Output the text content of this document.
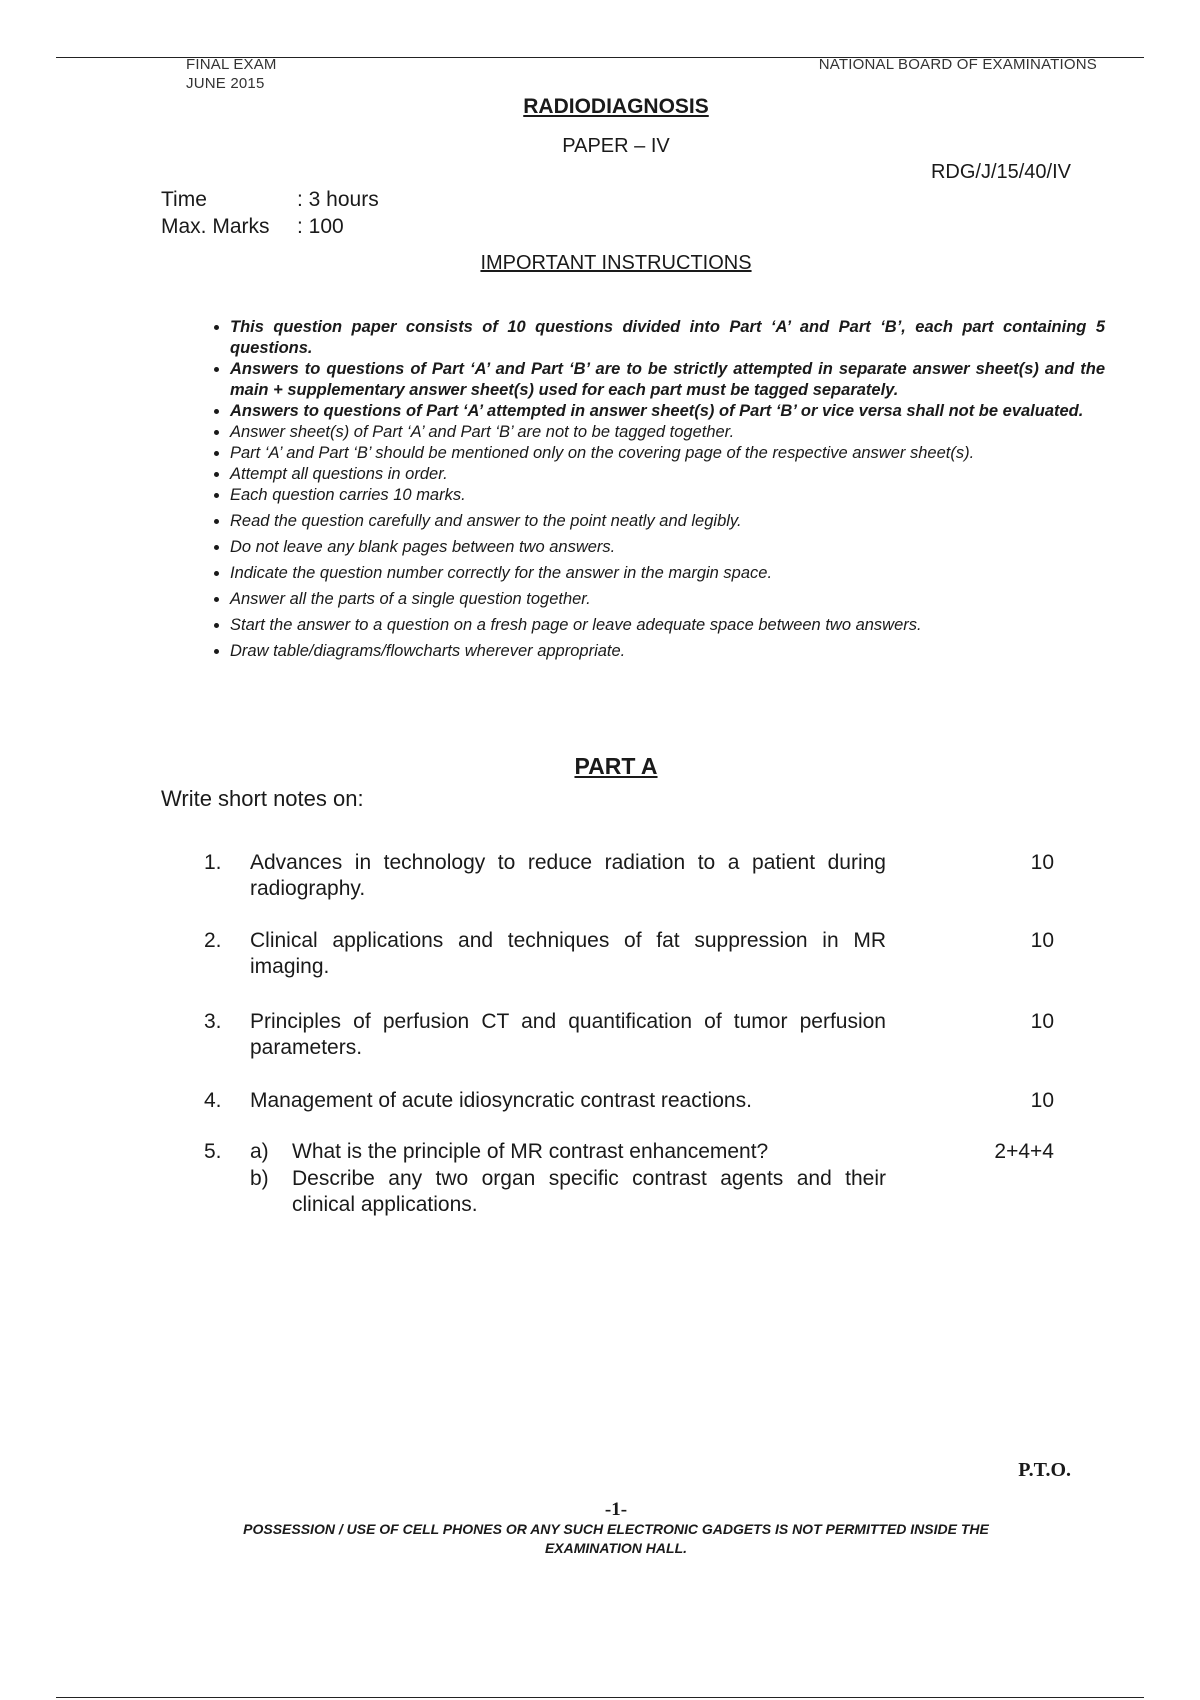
FINAL EXAM
JUNE 2015
NATIONAL BOARD OF EXAMINATIONS
RADIODIAGNOSIS
PAPER – IV
RDG/J/15/40/IV
Time	: 3 hours
Max. Marks : 100
IMPORTANT INSTRUCTIONS
• This question paper consists of 10 questions divided into Part ‘A’ and Part ‘B’, each part containing 5 questions.
• Answers to questions of Part ‘A’ and Part ‘B’ are to be strictly attempted in separate answer sheet(s) and the main + supplementary answer sheet(s) used for each part must be tagged separately.
• Answers to questions of Part ‘A’ attempted in answer sheet(s) of Part ‘B’ or vice versa shall not be evaluated.
• Answer sheet(s) of Part ‘A’ and Part ‘B’ are not to be tagged together.
• Part ‘A’ and Part ‘B’ should be mentioned only on the covering page of the respective answer sheet(s).
• Attempt all questions in order.
• Each question carries 10 marks.
• Read the question carefully and answer to the point neatly and legibly.
• Do not leave any blank pages between two answers.
• Indicate the question number correctly for the answer in the margin space.
• Answer all the parts of a single question together.
• Start the answer to a question on a fresh page or leave adequate space between two answers.
• Draw table/diagrams/flowcharts wherever appropriate.
PART A
Write short notes on:
1. Advances in technology to reduce radiation to a patient during radiography.
10
2. Clinical applications and techniques of fat suppression in MR imaging.
10
3. Principles of perfusion CT and quantification of tumor perfusion parameters.
10
4. Management of acute idiosyncratic contrast reactions.	10
5. a) What is the principle of MR contrast enhancement?
b) Describe any two organ specific contrast agents and their clinical applications.
2+4+4
P.T.O.
-1-
POSSESSION / USE OF CELL PHONES OR ANY SUCH ELECTRONIC GADGETS IS NOT PERMITTED INSIDE THE
EXAMINATION HALL.
